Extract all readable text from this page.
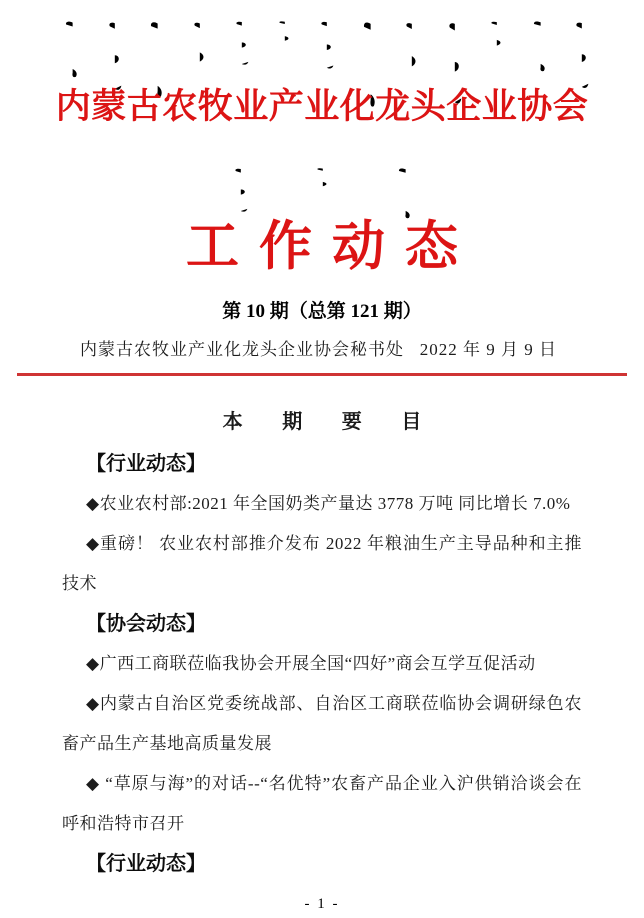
内蒙古农牧业产业化龙头企业协会
工作动态
第 10 期（总第 121 期）
内蒙古农牧业产业化龙头企业协会秘书处 2022 年 9 月 9 日
本 期 要 目
【行业动态】

◆农业农村部:2021 年全国奶类产量达 3778 万吨 同比增长 7.0%

◆重磅！ 农业农村部推介发布 2022 年粮油生产主导品种和主推技术

【协会动态】

◆广西工商联莅临我协会开展全国“四好”商会互学互促活动

◆内蒙古自治区党委统战部、自治区工商联莅临协会调研绿色农畜产品生产基地高质量发展

◆ “草原与海”的对话--“名优特”农畜产品企业入沪供销洽谈会在呼和浩特市召开

【行业动态】
- 1 -
